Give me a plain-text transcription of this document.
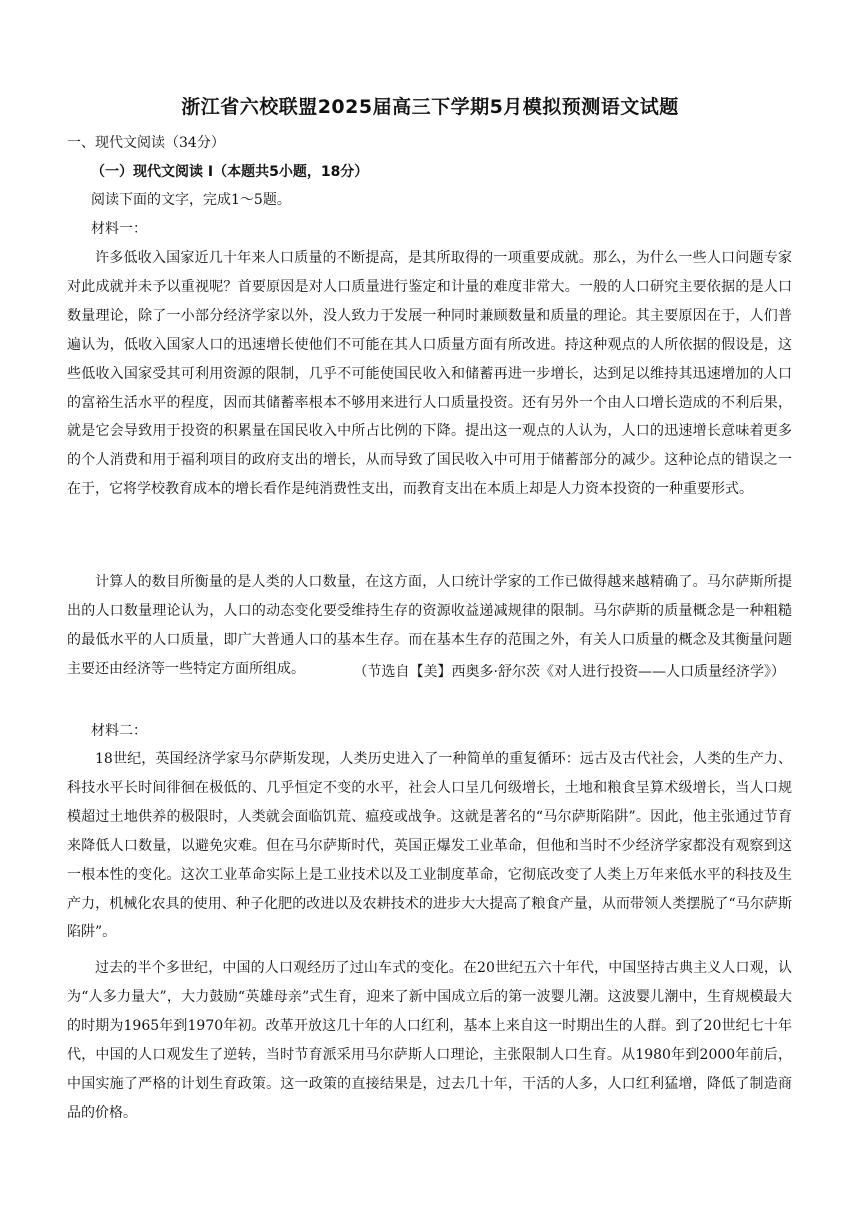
浙江省六校联盟2025届高三下学期5月模拟预测语文试题
一、现代文阅读（34分）
（一）现代文阅读 Ⅰ（本题共5小题，18分）
阅读下面的文字，完成1～5题。
材料一：
许多低收入国家近几十年来人口质量的不断提高，是其所取得的一项重要成就。那么，为什么一些人口问题专家对此成就并未予以重视呢？首要原因是对人口质量进行鉴定和计量的难度非常大。一般的人口研究主要依据的是人口数量理论，除了一小部分经济学家以外，没人致力于发展一种同时兼顾数量和质量的理论。其主要原因在于，人们普遍认为，低收入国家人口的迅速增长使他们不可能在其人口质量方面有所改进。持这种观点的人所依据的假设是，这些低收入国家受其可利用资源的限制，几乎不可能使国民收入和储蓄再进一步增长，达到足以维持其迅速增加的人口的富裕生活水平的程度，因而其储蓄率根本不够用来进行人口质量投资。还有另外一个由人口增长造成的不利后果，就是它会导致用于投资的积累量在国民收入中所占比例的下降。提出这一观点的人认为，人口的迅速增长意味着更多的个人消费和用于福利项目的政府支出的增长，从而导致了国民收入中可用于储蓄部分的减少。这种论点的错误之一在于，它将学校教育成本的增长看作是纯消费性支出，而教育支出在本质上却是人力资本投资的一种重要形式。
计算人的数目所衡量的是人类的人口数量，在这方面，人口统计学家的工作已做得越来越精确了。马尔萨斯所提出的人口数量理论认为，人口的动态变化要受维持生存的资源收益递减规律的限制。马尔萨斯的质量概念是一种粗糙的最低水平的人口质量，即广大普通人口的基本生存。而在基本生存的范围之外，有关人口质量的概念及其衡量问题主要还由经济等一些特定方面所组成。	（节选自【美】西奥多·舒尔茨《对人进行投资——人口质量经济学》）
材料二：
18世纪，英国经济学家马尔萨斯发现，人类历史进入了一种简单的重复循环：远古及古代社会，人类的生产力、科技水平长时间徘徊在极低的、几乎恒定不变的水平，社会人口呈几何级增长，土地和粮食呈算术级增长，当人口规模超过土地供养的极限时，人类就会面临饥荒、瘟疫或战争。这就是著名的“马尔萨斯陷阱”。因此，他主张通过节育来降低人口数量，以避免灾难。但在马尔萨斯时代，英国正爆发工业革命，但他和当时不少经济学家都没有观察到这一根本性的变化。这次工业革命实际上是工业技术以及工业制度革命，它彻底改变了人类上万年来低水平的科技及生产力，机械化农具的使用、种子化肥的改进以及农耕技术的进步大大提高了粮食产量，从而带领人类摆脱了“马尔萨斯陷阱”。
过去的半个多世纪，中国的人口观经历了过山车式的变化。在20世纪五六十年代，中国坚持古典主义人口观，认为“人多力量大”，大力鼓励“英雄母亲”式生育，迎来了新中国成立后的第一波婴儿潮。这波婴儿潮中，生育规模最大的时期为1965年到1970年初。改革开放这几十年的人口红利，基本上来自这一时期出生的人群。到了20世纪七十年代，中国的人口观发生了逆转，当时节育派采用马尔萨斯人口理论，主张限制人口生育。从1980年到2000年前后，中国实施了严格的计划生育政策。这一政策的直接结果是，过去几十年，干活的人多，人口红利猛增，降低了制造商品的价格。
